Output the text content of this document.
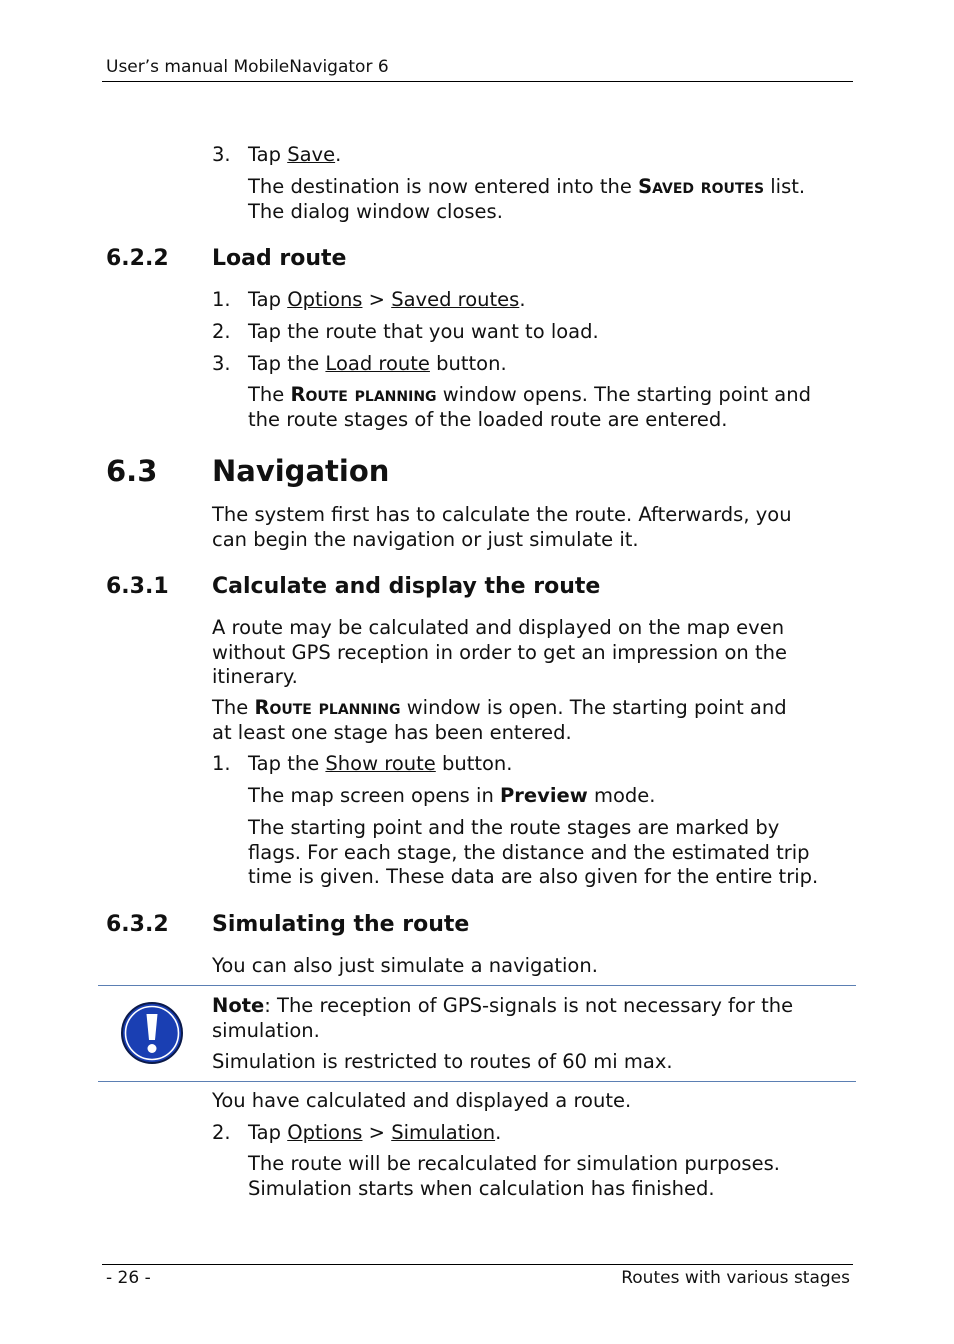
User’s manual MobileNavigator 6
3. Tap Save.
The destination is now entered into the Saved routes list.
The dialog window closes.
6.2.2 Load route
1. Tap Options > Saved routes.
2. Tap the route that you want to load.
3. Tap the Load route button.
The Route planning window opens. The starting point and
the route stages of the loaded route are entered.
6.3 Navigation
The system first has to calculate the route. Afterwards, you
can begin the navigation or just simulate it.
6.3.1 Calculate and display the route
A route may be calculated and displayed on the map even
without GPS reception in order to get an impression on the
itinerary.
The Route planning window is open. The starting point and
at least one stage has been entered.
1. Tap the Show route button.
The map screen opens in Preview mode.
The starting point and the route stages are marked by
flags. For each stage, the distance and the estimated trip
time is given. These data are also given for the entire trip.
6.3.2 Simulating the route
You can also just simulate a navigation.
Note: The reception of GPS-signals is not necessary for the
simulation.
Simulation is restricted to routes of 60 mi max.
You have calculated and displayed a route.
2. Tap Options > Simulation.
The route will be recalculated for simulation purposes.
Simulation starts when calculation has finished.
- 26 -	Routes with various stages
